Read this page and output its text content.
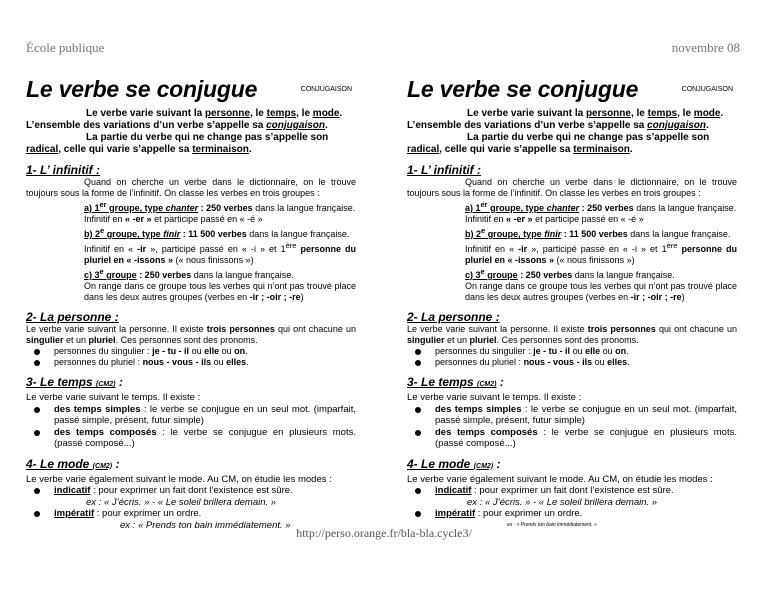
École publique	novembre 08
Le verbe se conjugue	CONJUGAISON
Le verbe varie suivant la personne, le temps, le mode.
L’ensemble des variations d’un verbe s’appelle sa conjugaison.
La partie du verbe qui ne change pas s’appelle son
radical, celle qui varie s’appelle sa terminaison.
1- L’ infinitif :
Quand on cherche un verbe dans le dictionnaire, on le trouve toujours sous la forme de l’infinitif. On classe les verbes en trois groupes :
a) 1er groupe, type chanter : 250 verbes dans la langue française.
Infinitif en « -er » et participe passé en « -é »
b) 2e groupe, type finir : 11 500 verbes dans la langue française.
Infinitif en « -ir », participé passé en « -i » et 1ère personne du pluriel en « -issons » (« nous finissons »)
c) 3e groupe : 250 verbes dans la langue française.
On range dans ce groupe tous les verbes qui n’ont pas trouvé place dans les deux autres groupes (verbes en -ir ; -oir ; -re)
2- La personne :
Le verbe varie suivant la personne. Il existe trois personnes qui ont chacune un singulier et un pluriel. Ces personnes sont des pronoms.
personnes du singulier : je - tu - il ou elle ou on.
personnes du pluriel : nous - vous - ils ou elles.
3- Le temps (CM2) :
Le verbe varie suivant le temps. Il existe :
des temps simples : le verbe se conjugue en un seul mot. (imparfait, passé simple, présent, futur simple)
des temps composés : le verbe se conjugue en plusieurs mots. (passé composé...)
4- Le mode (CM2) :
Le verbe varie également suivant le mode. Au CM, on étudie les modes :
indicatif : pour exprimer un fait dont l’existence est sûre.
ex : « J’écris. » - « Le soleil brillera demain. »
impératif : pour exprimer un ordre.
ex : « Prends ton bain immédiatement. »
Le verbe se conjugue	CONJUGAISON
Le verbe varie suivant la personne, le temps, le mode.
L’ensemble des variations d’un verbe s’appelle sa conjugaison.
La partie du verbe qui ne change pas s’appelle son
radical, celle qui varie s’appelle sa terminaison.
1- L’ infinitif :
Quand on cherche un verbe dans le dictionnaire, on le trouve toujours sous la forme de l’infinitif. On classe les verbes en trois groupes :
a) 1er groupe, type chanter : 250 verbes dans la langue française.
Infinitif en « -er » et participe passé en « -é »
b) 2e groupe, type finir : 11 500 verbes dans la langue française.
Infinitif en « -ir », participé passé en « -i » et 1ère personne du pluriel en « -issons » (« nous finissons »)
c) 3e groupe : 250 verbes dans la langue française.
On range dans ce groupe tous les verbes qui n’ont pas trouvé place dans les deux autres groupes (verbes en -ir ; -oir ; -re)
2- La personne :
Le verbe varie suivant la personne. Il existe trois personnes qui ont chacune un singulier et un pluriel. Ces personnes sont des pronoms.
personnes du singulier : je - tu - il ou elle ou on.
personnes du pluriel : nous - vous - ils ou elles.
3- Le temps (CM2) :
Le verbe varie suivant le temps. Il existe :
des temps simples : le verbe se conjugue en un seul mot. (imparfait, passé simple, présent, futur simple)
des temps composés : le verbe se conjugue en plusieurs mots. (passé composé...)
4- Le mode (CM2) :
Le verbe varie également suivant le mode. Au CM, on étudie les modes :
indicatif : pour exprimer un fait dont l’existence est sûre.
ex : « J’écris. » - « Le soleil brillera demain. »
impératif : pour exprimer un ordre.
ex : « Prends ton bain immédiatement. »
http://perso.orange.fr/bla-bla.cycle3/
